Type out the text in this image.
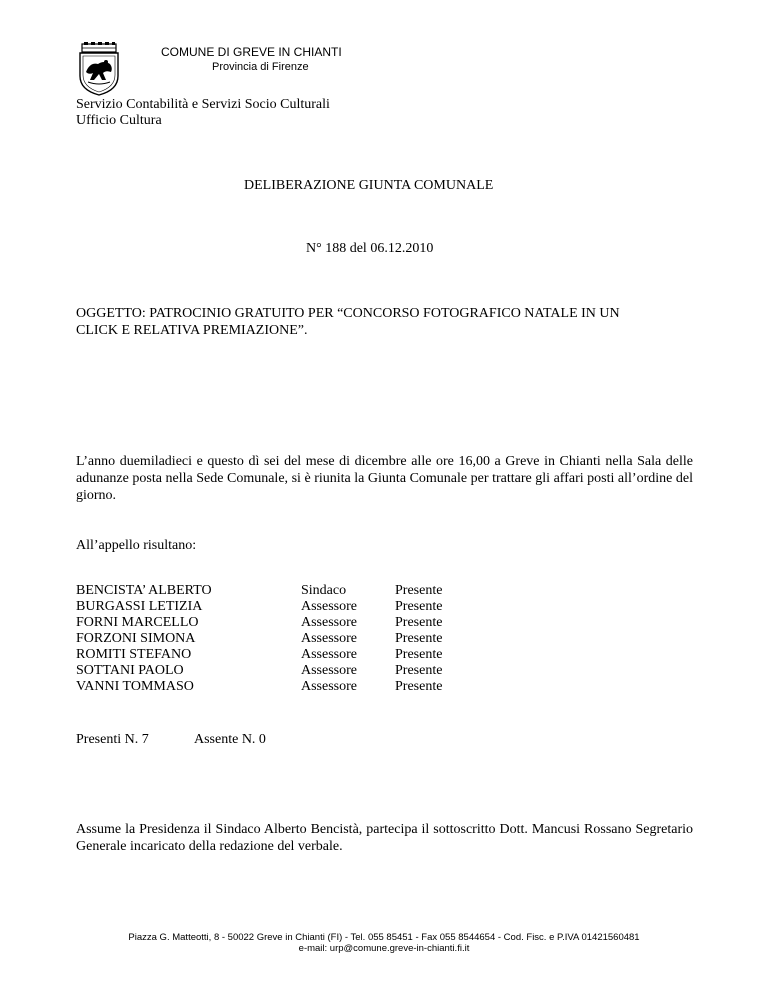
COMUNE DI GREVE IN CHIANTI
Provincia di Firenze
Servizio Contabilità e Servizi Socio Culturali
Ufficio Cultura
DELIBERAZIONE GIUNTA COMUNALE
N° 188 del 06.12.2010
OGGETTO: PATROCINIO GRATUITO PER “CONCORSO FOTOGRAFICO NATALE IN UN
CLICK E RELATIVA PREMIAZIONE”.
L’anno duemiladieci e questo dì sei del mese di dicembre alle ore 16,00 a Greve in Chianti nella Sala delle adunanze posta nella Sede Comunale, si è riunita la Giunta Comunale per trattare gli affari posti all’ordine del giorno.
All’appello risultano:
BENCISTA’ ALBERTO	Sindaco	Presente
BURGASSI LETIZIA	Assessore	Presente
FORNI MARCELLO	Assessore	Presente
FORZONI SIMONA	Assessore	Presente
ROMITI STEFANO	Assessore	Presente
SOTTANI PAOLO	Assessore	Presente
VANNI TOMMASO	Assessore	Presente
Presenti N. 7	Assente N. 0
Assume la Presidenza il Sindaco Alberto Bencistà, partecipa il sottoscritto Dott. Mancusi Rossano Segretario Generale incaricato della redazione del verbale.
Piazza G. Matteotti, 8 - 50022 Greve in Chianti (FI) - Tel. 055 85451 - Fax 055 8544654 - Cod. Fisc. e P.IVA 01421560481
e-mail: urp@comune.greve-in-chianti.fi.it
